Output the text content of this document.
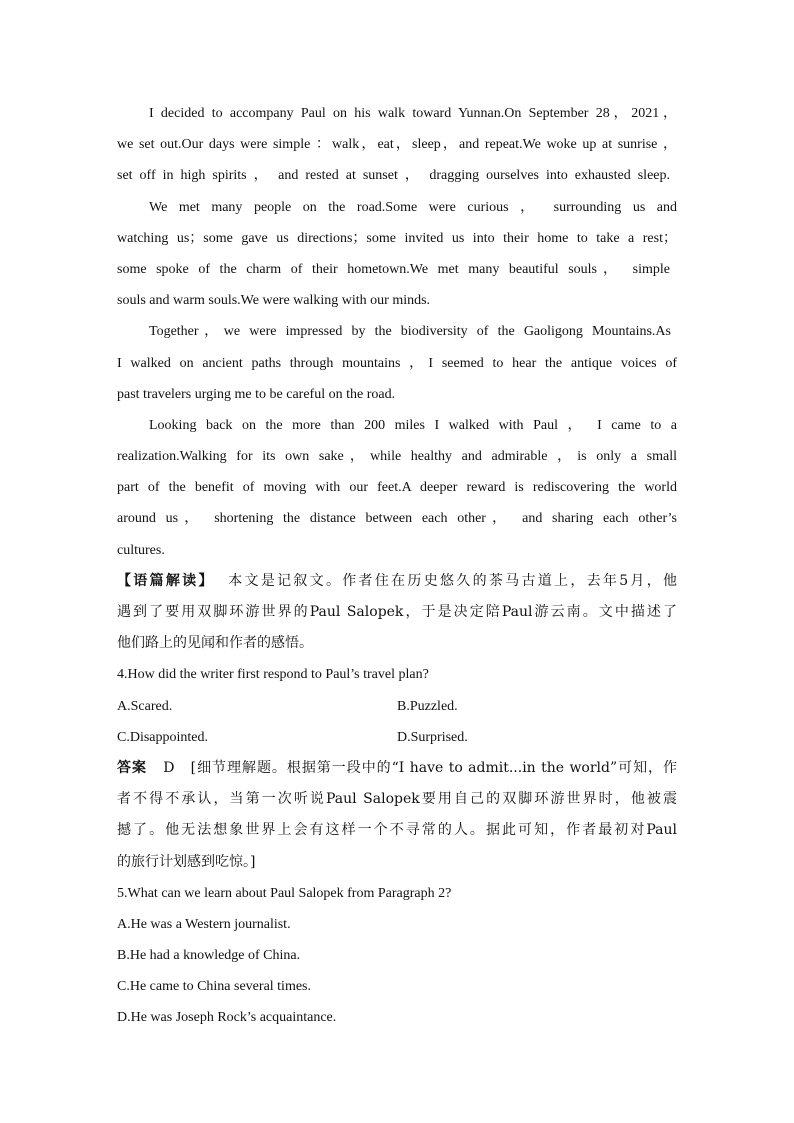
I decided to accompany Paul on his walk toward Yunnan.On September 28，2021，
we set out.Our days were simple ：walk，eat，sleep，and repeat.We woke up at sunrise ，
set off in high spirits ， and rested at sunset ， dragging ourselves into exhausted sleep.
We met many people on the road.Some were curious ， surrounding us and
watching us；some gave us directions；some invited us into their home to take a rest；
some spoke of the charm of their hometown.We met many beautiful souls， simple
souls and warm souls.We were walking with our minds.
Together，we were impressed by the biodiversity of the Gaoligong Mountains.As
I walked on ancient paths through mountains ，I seemed to hear the antique voices of
past travelers urging me to be careful on the road.
Looking back on the more than 200 miles I walked with Paul ， I came to a
realization.Walking for its own sake，while healthy and admirable ，is only a small
part of the benefit of moving with our feet.A deeper reward is rediscovering the world
around us， shortening the distance between each other， and sharing each other’s
cultures.
【语篇解读】 本文是记叙文。作者住在历史悠久的茶马古道上，去年5月，他
遇到了要用双脚环游世界的Paul Salopek，于是决定陪Paul游云南。文中描述了
他们路上的见闻和作者的感悟。
4.How did the writer first respond to Paul’s travel plan?
A.Scared.	B.Puzzled.
C.Disappointed.	D.Surprised.
答案 D [细节理解题。根据第一段中的“I have to admit...in the world”可知，作
者不得不承认，当第一次听说Paul Salopek要用自己的双脚环游世界时，他被震
撼了。他无法想象世界上会有这样一个不寻常的人。据此可知，作者最初对Paul
的旅行计划感到吃惊。]
5.What can we learn about Paul Salopek from Paragraph 2?
A.He was a Western journalist.
B.He had a knowledge of China.
C.He came to China several times.
D.He was Joseph Rock’s acquaintance.
